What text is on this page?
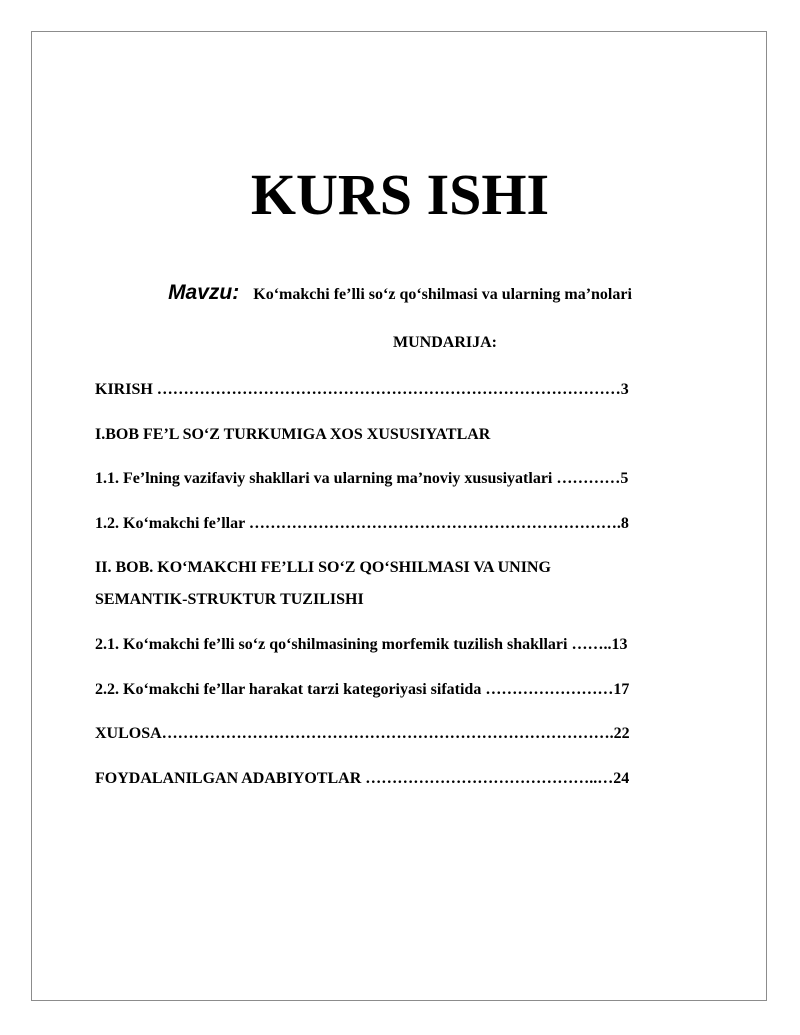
KURS ISHI
Mavzu: Ko‘makchi fe’lli so‘z qo‘shilmasi va ularning ma’nolari
MUNDARIJA:
KIRISH ……………………………………………………………………………3
I.BOB FE’L SO‘Z TURKUMIGA XOS XUSUSIYATLAR
1.1. Fe’lning vazifaviy shakllari va ularning ma’noviy xususiyatlari …………5
1.2. Ko‘makchi fe’llar …………………………………………………………….8
II. BOB. KO‘MAKCHI FE’LLI SO‘Z QO‘SHILMASI VA UNING
SEMANTIK-STRUKTUR TUZILISHI
2.1. Ko‘makchi fe’lli so‘z qo‘shilmasining morfemik tuzilish shakllari ……..13
2.2. Ko‘makchi fe’llar harakat tarzi kategoriyasi sifatida ……………………17
XULOSA………………………………………………………………………….22
FOYDALANILGAN ADABIYOTLAR ……………………………………..…24
